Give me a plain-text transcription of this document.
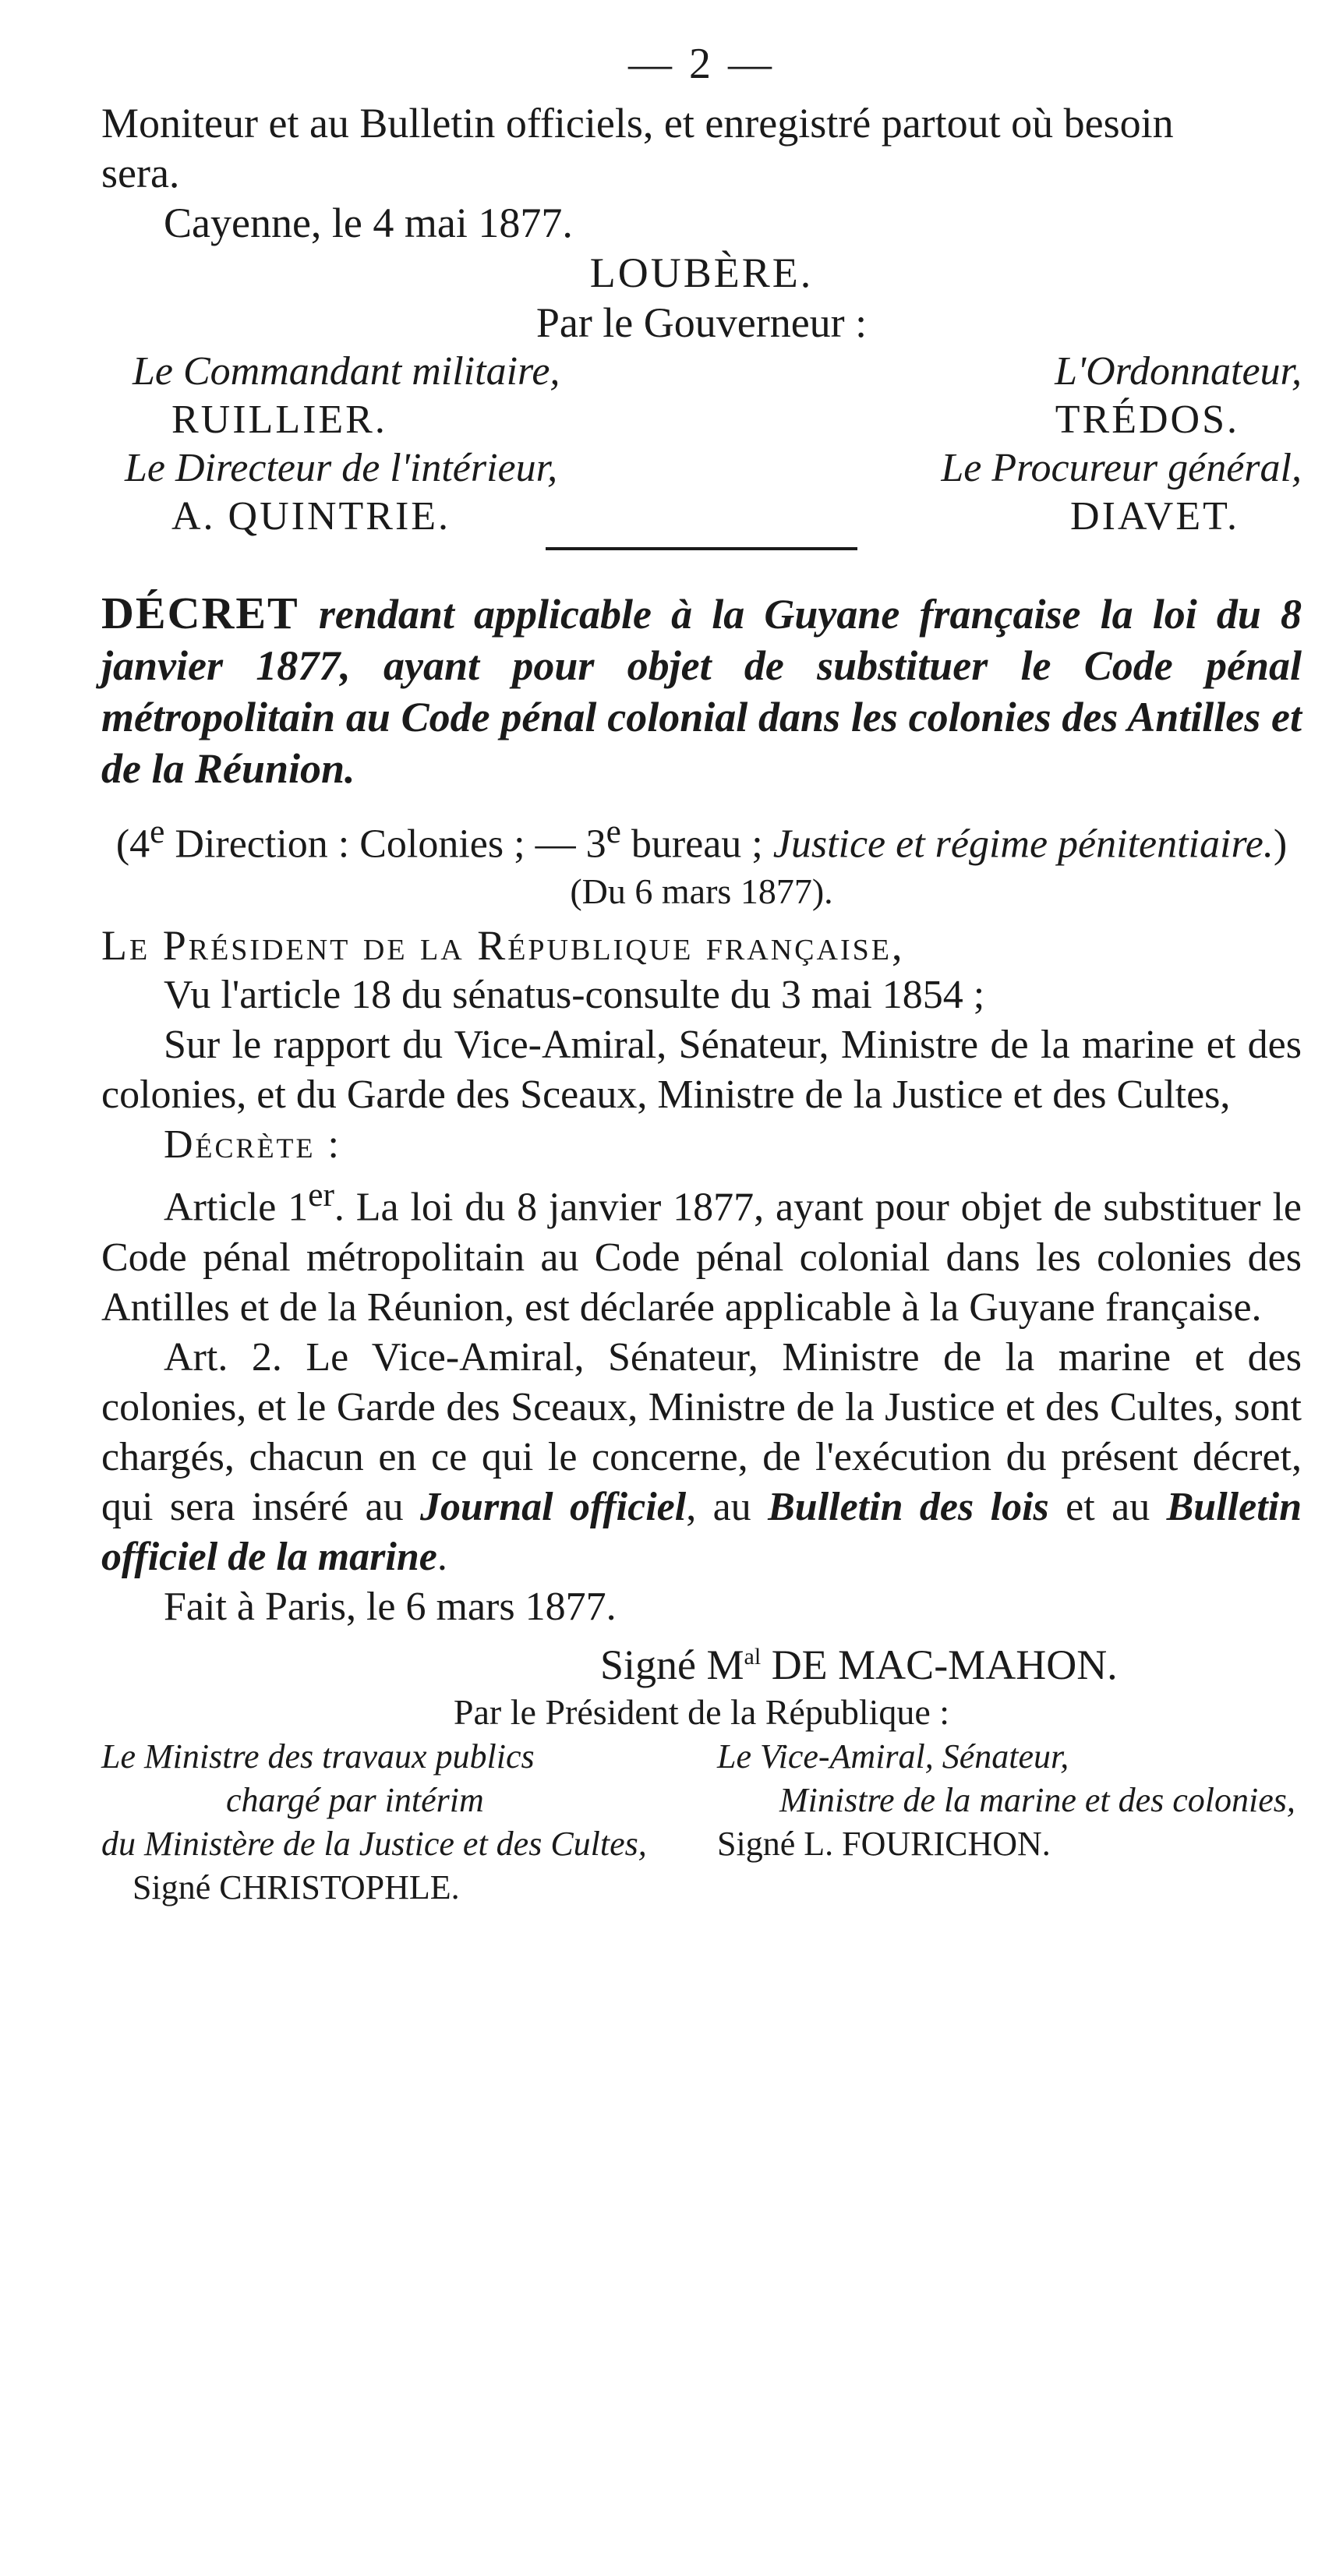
— 2 —

Moniteur et au Bulletin officiels, et enregistré partout où besoin

sera.

Cayenne, le 4 mai 1877.

LOUBÈRE.

Par le Gouverneur :

Le Commandant militaire,	L'Ordonnateur,
RUILLIER.	TRÉDOS.
Le Directeur de l'intérieur,	Le Procureur général,
A. QUINTRIE.	DIAVET.

DÉCRET rendant applicable à la Guyane française la loi du 8 janvier 1877, ayant pour objet de substituer le Code pénal métropolitain au Code pénal colonial dans les colonies des Antilles et de la Réunion.

(4e Direction : Colonies ; — 3e bureau ; Justice et régime pénitentiaire.)

(Du 6 mars 1877).

Le Président de la République française,

Vu l'article 18 du sénatus-consulte du 3 mai 1854 ;

Sur le rapport du Vice-Amiral, Sénateur, Ministre de la marine et des colonies, et du Garde des Sceaux, Ministre de la Justice et des Cultes,

Décrète :

Article 1er. La loi du 8 janvier 1877, ayant pour objet de substituer le Code pénal métropolitain au Code pénal colonial dans les colonies des Antilles et de la Réunion, est déclarée applicable à la Guyane française.

Art. 2. Le Vice-Amiral, Sénateur, Ministre de la marine et des colonies, et le Garde des Sceaux, Ministre de la Justice et des Cultes, sont chargés, chacun en ce qui le concerne, de l'exécution du présent décret, qui sera inséré au Journal officiel, au Bulletin des lois et au Bulletin officiel de la marine.

Fait à Paris, le 6 mars 1877.

Signé $M^{al}$ DE MAC-MAHON.

Par le Président de la République :

Le Ministre des travaux publics	Le Vice-Amiral, Sénateur,
chargé par intérim	Ministre de la marine et des colonies,
du Ministère de la Justice et des Cultes,	Signé L. FOURICHON.
Signé CHRISTOPHLE.
